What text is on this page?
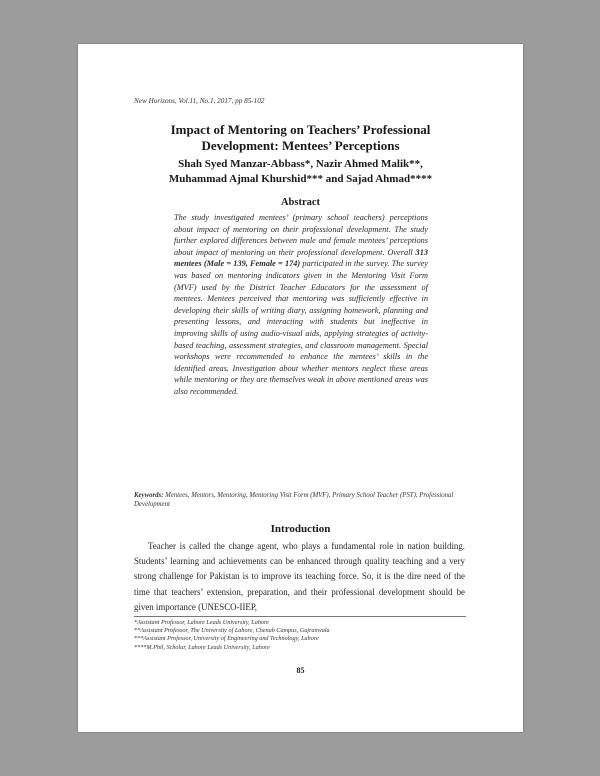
New Horizons, Vol.11, No.1, 2017, pp 85-102
Impact of Mentoring on Teachers’ Professional
Development: Mentees’ Perceptions
Shah Syed Manzar-Abbass*, Nazir Ahmed Malik**,
Muhammad Ajmal Khurshid*** and Sajad Ahmad****
Abstract
The study investigated mentees’ (primary school teachers) perceptions about impact of mentoring on their professional development. The study further explored differences between male and female mentees’ perceptions about impact of mentoring on their professional development. Overall 313 mentees (Male = 139, Female = 174) participated in the survey. The survey was based on mentoring indicators given in the Mentoring Visit Form (MVF) used by the District Teacher Educators for the assessment of mentees. Mentees perceived that mentoring was sufficiently effective in developing their skills of writing diary, assigning homework, planning and presenting lessons, and interacting with students but ineffective in improving skills of using audio-visual aids, applying strategies of activity-based teaching, assessment strategies, and classroom management. Special workshops were recommended to enhance the mentees’ skills in the identified areas. Investigation about whether mentors neglect these areas while mentoring or they are themselves weak in above mentioned areas was also recommended.
Keywords: Mentees, Mentors, Mentoring, Mentoring Visit Form (MVF), Primary School Teacher (PST), Professional Development
Introduction

Teacher is called the change agent, who plays a fundamental role in nation building. Students’ learning and achievements can be enhanced through quality teaching and a very strong challenge for Pakistan is to improve its teaching force. So, it is the dire need of the time that teachers’ extension, preparation, and their professional development should be given importance (UNESCO-IIEP,

*Assistant Professor, Lahore Leads University, Lahore
**Assistant Professor, The University of Lahore, Chenab Campus, Gujranwala
***Assistant Professor, University of Engineering and Technology, Lahore
****M.Phil, Scholar, Lahore Leads University, Lahore
85
